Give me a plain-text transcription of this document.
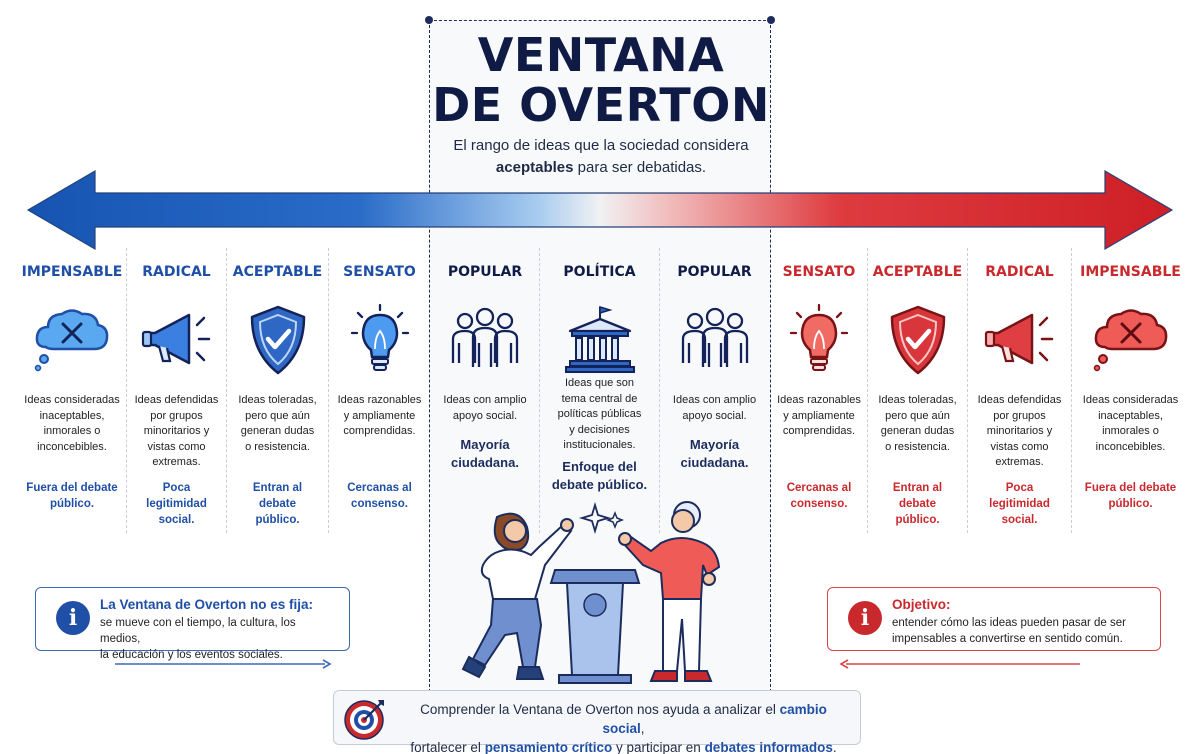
VENTANA
DE OVERTON
El rango de ideas que la sociedad considera
aceptables para ser debatidas.
IMPENSABLE
Ideas consideradas
inaceptables,
inmorales o
inconcebibles.
Fuera del debate
público.
RADICAL
Ideas defendidas
por grupos
minoritarios y
vistas como
extremas.
Poca legitimidad
social.
ACEPTABLE
Ideas toleradas,
pero que aún
generan dudas
o resistencia.
Entran al debate
público.
SENSATO
Ideas razonables
y ampliamente
comprendidas.
Cercanas al
consenso.
POPULAR
Ideas con amplio
apoyo social.
Mayoría
ciudadana.
POLÍTICA
Ideas que son
tema central de
políticas públicas
y decisiones
institucionales.
Enfoque del
debate público.
POPULAR
Ideas con amplio
apoyo social.
Mayoría
ciudadana.
SENSATO
Ideas razonables
y ampliamente
comprendidas.
Cercanas al
consenso.
ACEPTABLE
Ideas toleradas,
pero que aún
generan dudas
o resistencia.
Entran al debate
público.
RADICAL
Ideas defendidas
por grupos
minoritarios y
vistas como
extremas.
Poca legitimidad
social.
IMPENSABLE
Ideas consideradas
inaceptables,
inmorales o
inconcebibles.
Fuera del debate
público.
i
La Ventana de Overton no es fija:
se mueve con el tiempo, la cultura, los medios,
la educación y los eventos sociales.
i
Objetivo:
entender cómo las ideas pueden pasar de ser
impensables a convertirse en sentido común.
Comprender la Ventana de Overton nos ayuda a analizar el cambio social,
fortalecer el pensamiento crítico y participar en debates informados.
